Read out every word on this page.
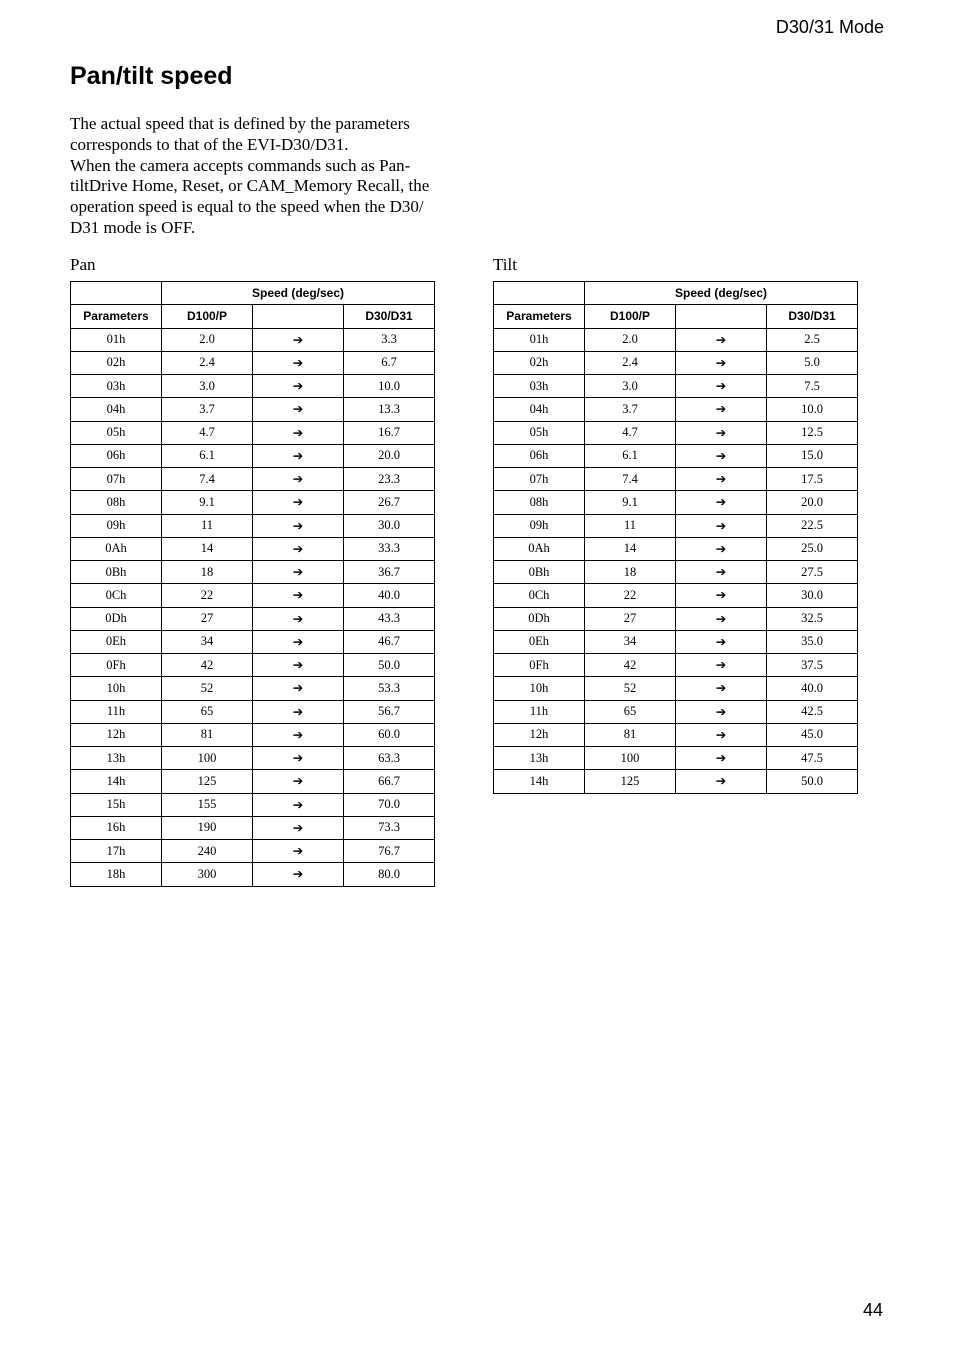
D30/31 Mode
Pan/tilt speed

The actual speed that is defined by the parameters corresponds to that of the EVI-D30/D31.

When the camera accepts commands such as Pan-tiltDrive Home, Reset, or CAM_Memory Recall, the operation speed is equal to the speed when the D30/ D31 mode is OFF.

Pan
	Speed (deg/sec)		
Parameters	D100/P		D30/D31
01h	2.0	➔	3.3
02h	2.4	➔	6.7
03h	3.0	➔	10.0
04h	3.7	➔	13.3
05h	4.7	➔	16.7
06h	6.1	➔	20.0
07h	7.4	➔	23.3
08h	9.1	➔	26.7
09h	11	➔	30.0
0Ah	14	➔	33.3
0Bh	18	➔	36.7
0Ch	22	➔	40.0
0Dh	27	➔	43.3
0Eh	34	➔	46.7
0Fh	42	➔	50.0
10h	52	➔	53.3
11h	65	➔	56.7
12h	81	➔	60.0
13h	100	➔	63.3
14h	125	➔	66.7
15h	155	➔	70.0
16h	190	➔	73.3
17h	240	➔	76.7
18h	300	➔	80.0
Tilt
	Speed (deg/sec)		
Parameters	D100/P		D30/D31
01h	2.0	➔	2.5
02h	2.4	➔	5.0
03h	3.0	➔	7.5
04h	3.7	➔	10.0
05h	4.7	➔	12.5
06h	6.1	➔	15.0
07h	7.4	➔	17.5
08h	9.1	➔	20.0
09h	11	➔	22.5
0Ah	14	➔	25.0
0Bh	18	➔	27.5
0Ch	22	➔	30.0
0Dh	27	➔	32.5
0Eh	34	➔	35.0
0Fh	42	➔	37.5
10h	52	➔	40.0
11h	65	➔	42.5
12h	81	➔	45.0
13h	100	➔	47.5
14h	125	➔	50.0
44
